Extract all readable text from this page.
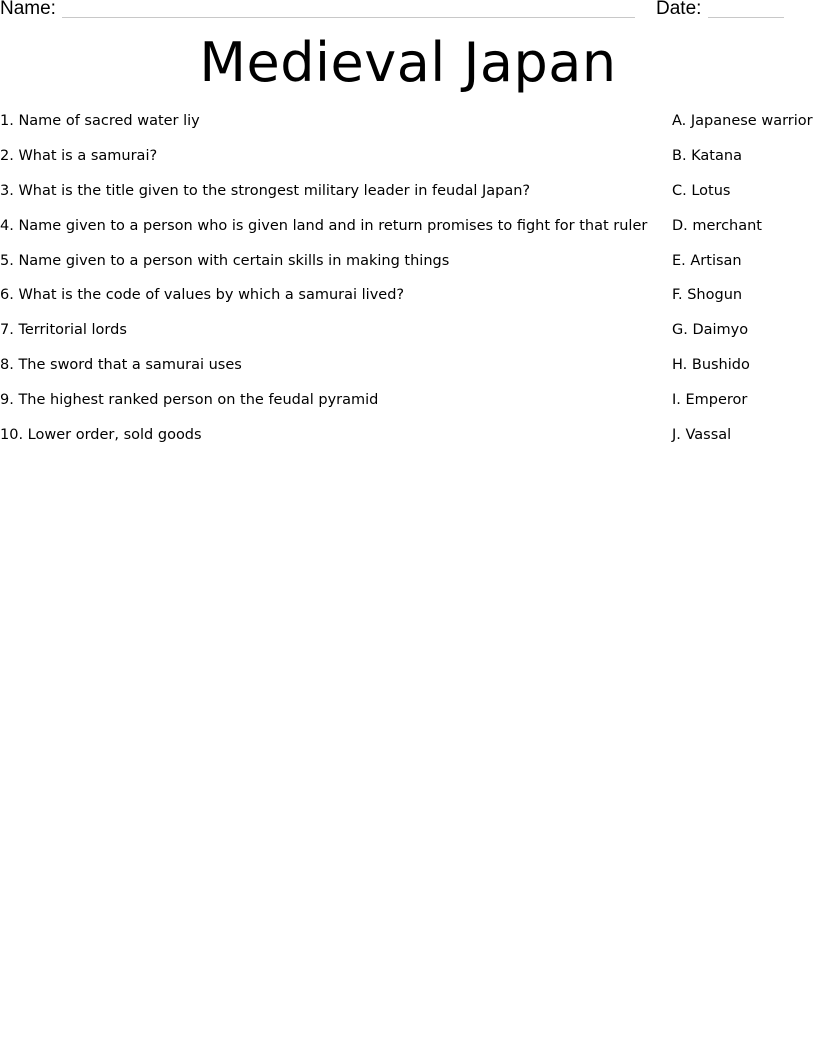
Name:	Date:
Medieval Japan
1. Name of sacred water liy
2. What is a samurai?
3. What is the title given to the strongest military leader in feudal Japan?
4. Name given to a person who is given land and in return promises to fight for that ruler
5. Name given to a person with certain skills in making things
6. What is the code of values by which a samurai lived?
7. Territorial lords
8. The sword that a samurai uses
9. The highest ranked person on the feudal pyramid
10. Lower order, sold goods
A. Japanese warrior
B. Katana
C. Lotus
D. merchant
E. Artisan
F. Shogun
G. Daimyo
H. Bushido
I. Emperor
J. Vassal
